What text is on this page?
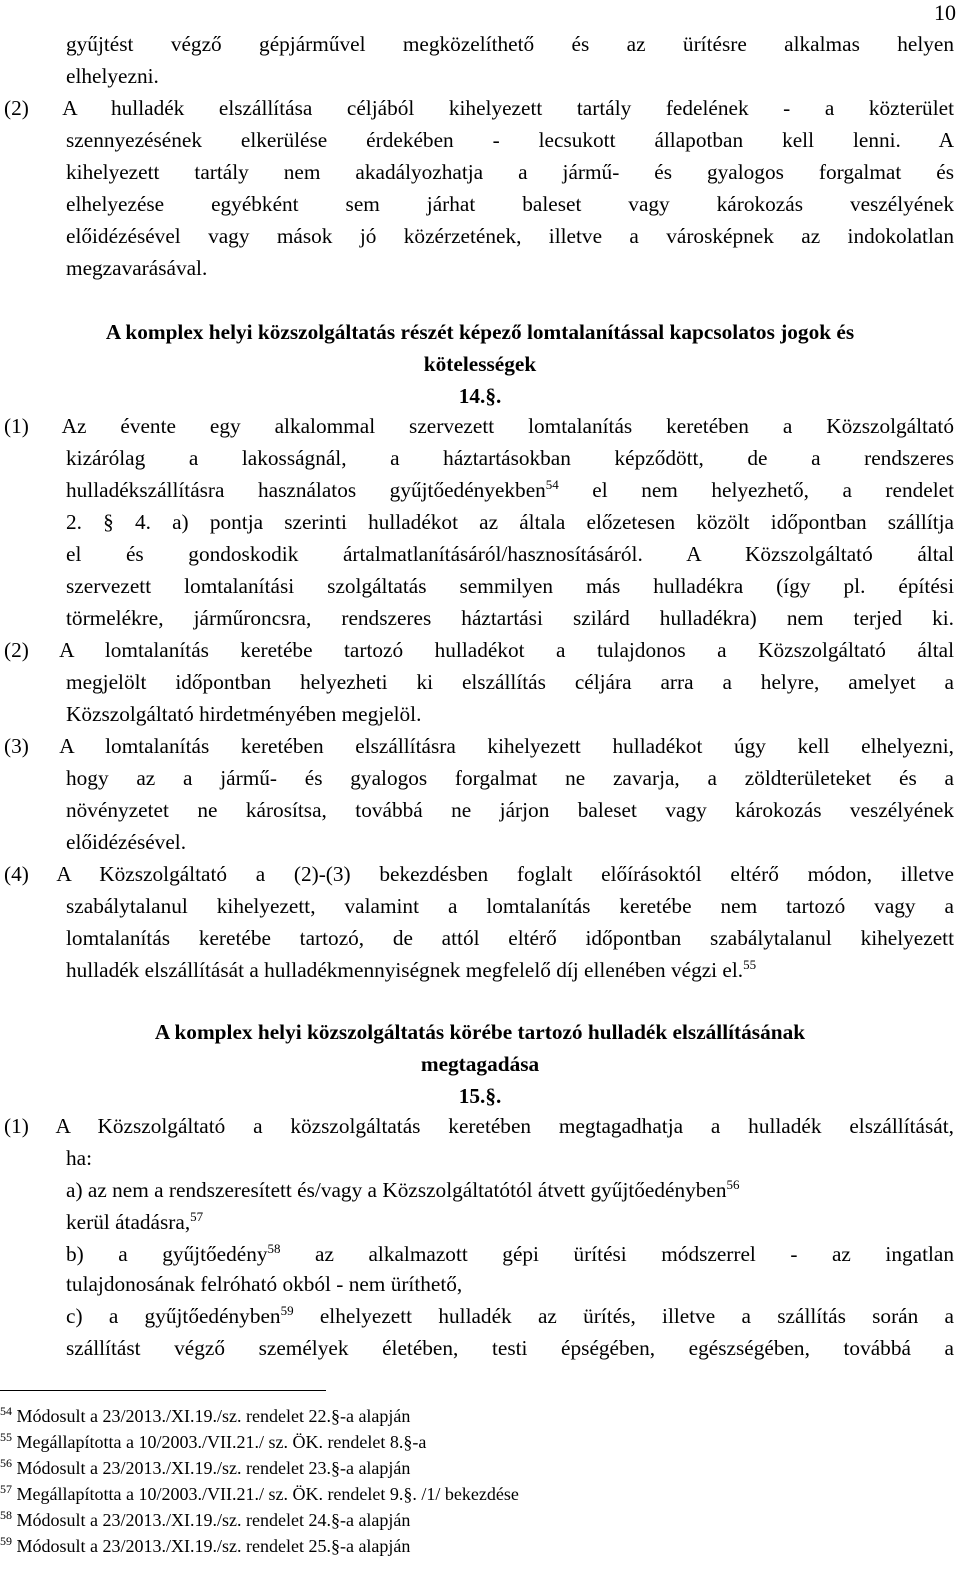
10
gyűjtést végző gépjárművel megközelíthető és az ürítésre alkalmas helyen
elhelyezni.
(2) A hulladék elszállítása céljából kihelyezett tartály fedelének - a közterület
szennyezésének elkerülése érdekében - lecsukott állapotban kell lenni. A
kihelyezett tartály nem akadályozhatja a jármű- és gyalogos forgalmat és
elhelyezése egyébként sem járhat baleset vagy károkozás veszélyének
előidézésével vagy mások jó közérzetének, illetve a városképnek az indokolatlan
megzavarásával.
(1) Az évente egy alkalommal szervezett lomtalanítás keretében a Közszolgáltató
kizárólag a lakosságnál, a háztartásokban képződött, de a rendszeres
2. § 4. a) pontja szerinti hulladékot az általa előzetesen közölt időpontban szállítja
el és gondoskodik ártalmatlanításáról/hasznosításáról. A Közszolgáltató által
szervezett lomtalanítási szolgáltatás semmilyen más hulladékra (így pl. építési
törmelékre, járműroncsra, rendszeres háztartási szilárd hulladékra) nem terjed ki.
(2) A lomtalanítás keretébe tartozó hulladékot a tulajdonos a Közszolgáltató által
megjelölt időpontban helyezheti ki elszállítás céljára arra a helyre, amelyet a
Közszolgáltató hirdetményében megjelöl.
(3) A lomtalanítás keretében elszállításra kihelyezett hulladékot úgy kell elhelyezni,
hogy az a jármű- és gyalogos forgalmat ne zavarja, a zöldterületeket és a
növényzetet ne károsítsa, továbbá ne járjon baleset vagy károkozás veszélyének
előidézésével.
(4) A Közszolgáltató a (2)-(3) bekezdésben foglalt előírásoktól eltérő módon, illetve
szabálytalanul kihelyezett, valamint a lomtalanítás keretébe nem tartozó vagy a
lomtalanítás keretébe tartozó, de attól eltérő időpontban szabálytalanul kihelyezett
(1) A Közszolgáltató a közszolgáltatás keretében megtagadhatja a hulladék elszállítását,
ha:
tulajdonosának felróható okból - nem üríthető,
szállítást végző személyek életében, testi épségében, egészségében, továbbá a
A komplex helyi közszolgáltatás részét képező lomtalanítással kapcsolatos jogok és
kötelességek
14.§.
A komplex helyi közszolgáltatás körébe tartozó hulladék elszállításának
megtagadása
15.§.
hulladékszállításra használatos gyűjtőedényekben$^{54}$ el nem helyezhető, a rendelet
hulladék elszállítását a hulladékmennyiségnek megfelelő díj ellenében végzi el.$^{55}$
a) az nem a rendszeresített és/vagy a Közszolgáltatótól átvett gyűjtőedényben$^{56}$
kerül átadásra,$^{57}$
b) a gyűjtőedény$^{58}$ az alkalmazott gépi ürítési módszerrel - az ingatlan
c) a gyűjtőedényben$^{59}$ elhelyezett hulladék az ürítés, illetve a szállítás során a
$^{54}$ Módosult a 23/2013./XI.19./sz. rendelet 22.§-a alapján
$^{55}$ Megállapította a 10/2003./VII.21./ sz. ÖK. rendelet 8.§-a
$^{56}$ Módosult a 23/2013./XI.19./sz. rendelet 23.§-a alapján
$^{57}$ Megállapította a 10/2003./VII.21./ sz. ÖK. rendelet 9.§. /1/ bekezdése
$^{58}$ Módosult a 23/2013./XI.19./sz. rendelet 24.§-a alapján
$^{59}$ Módosult a 23/2013./XI.19./sz. rendelet 25.§-a alapján
